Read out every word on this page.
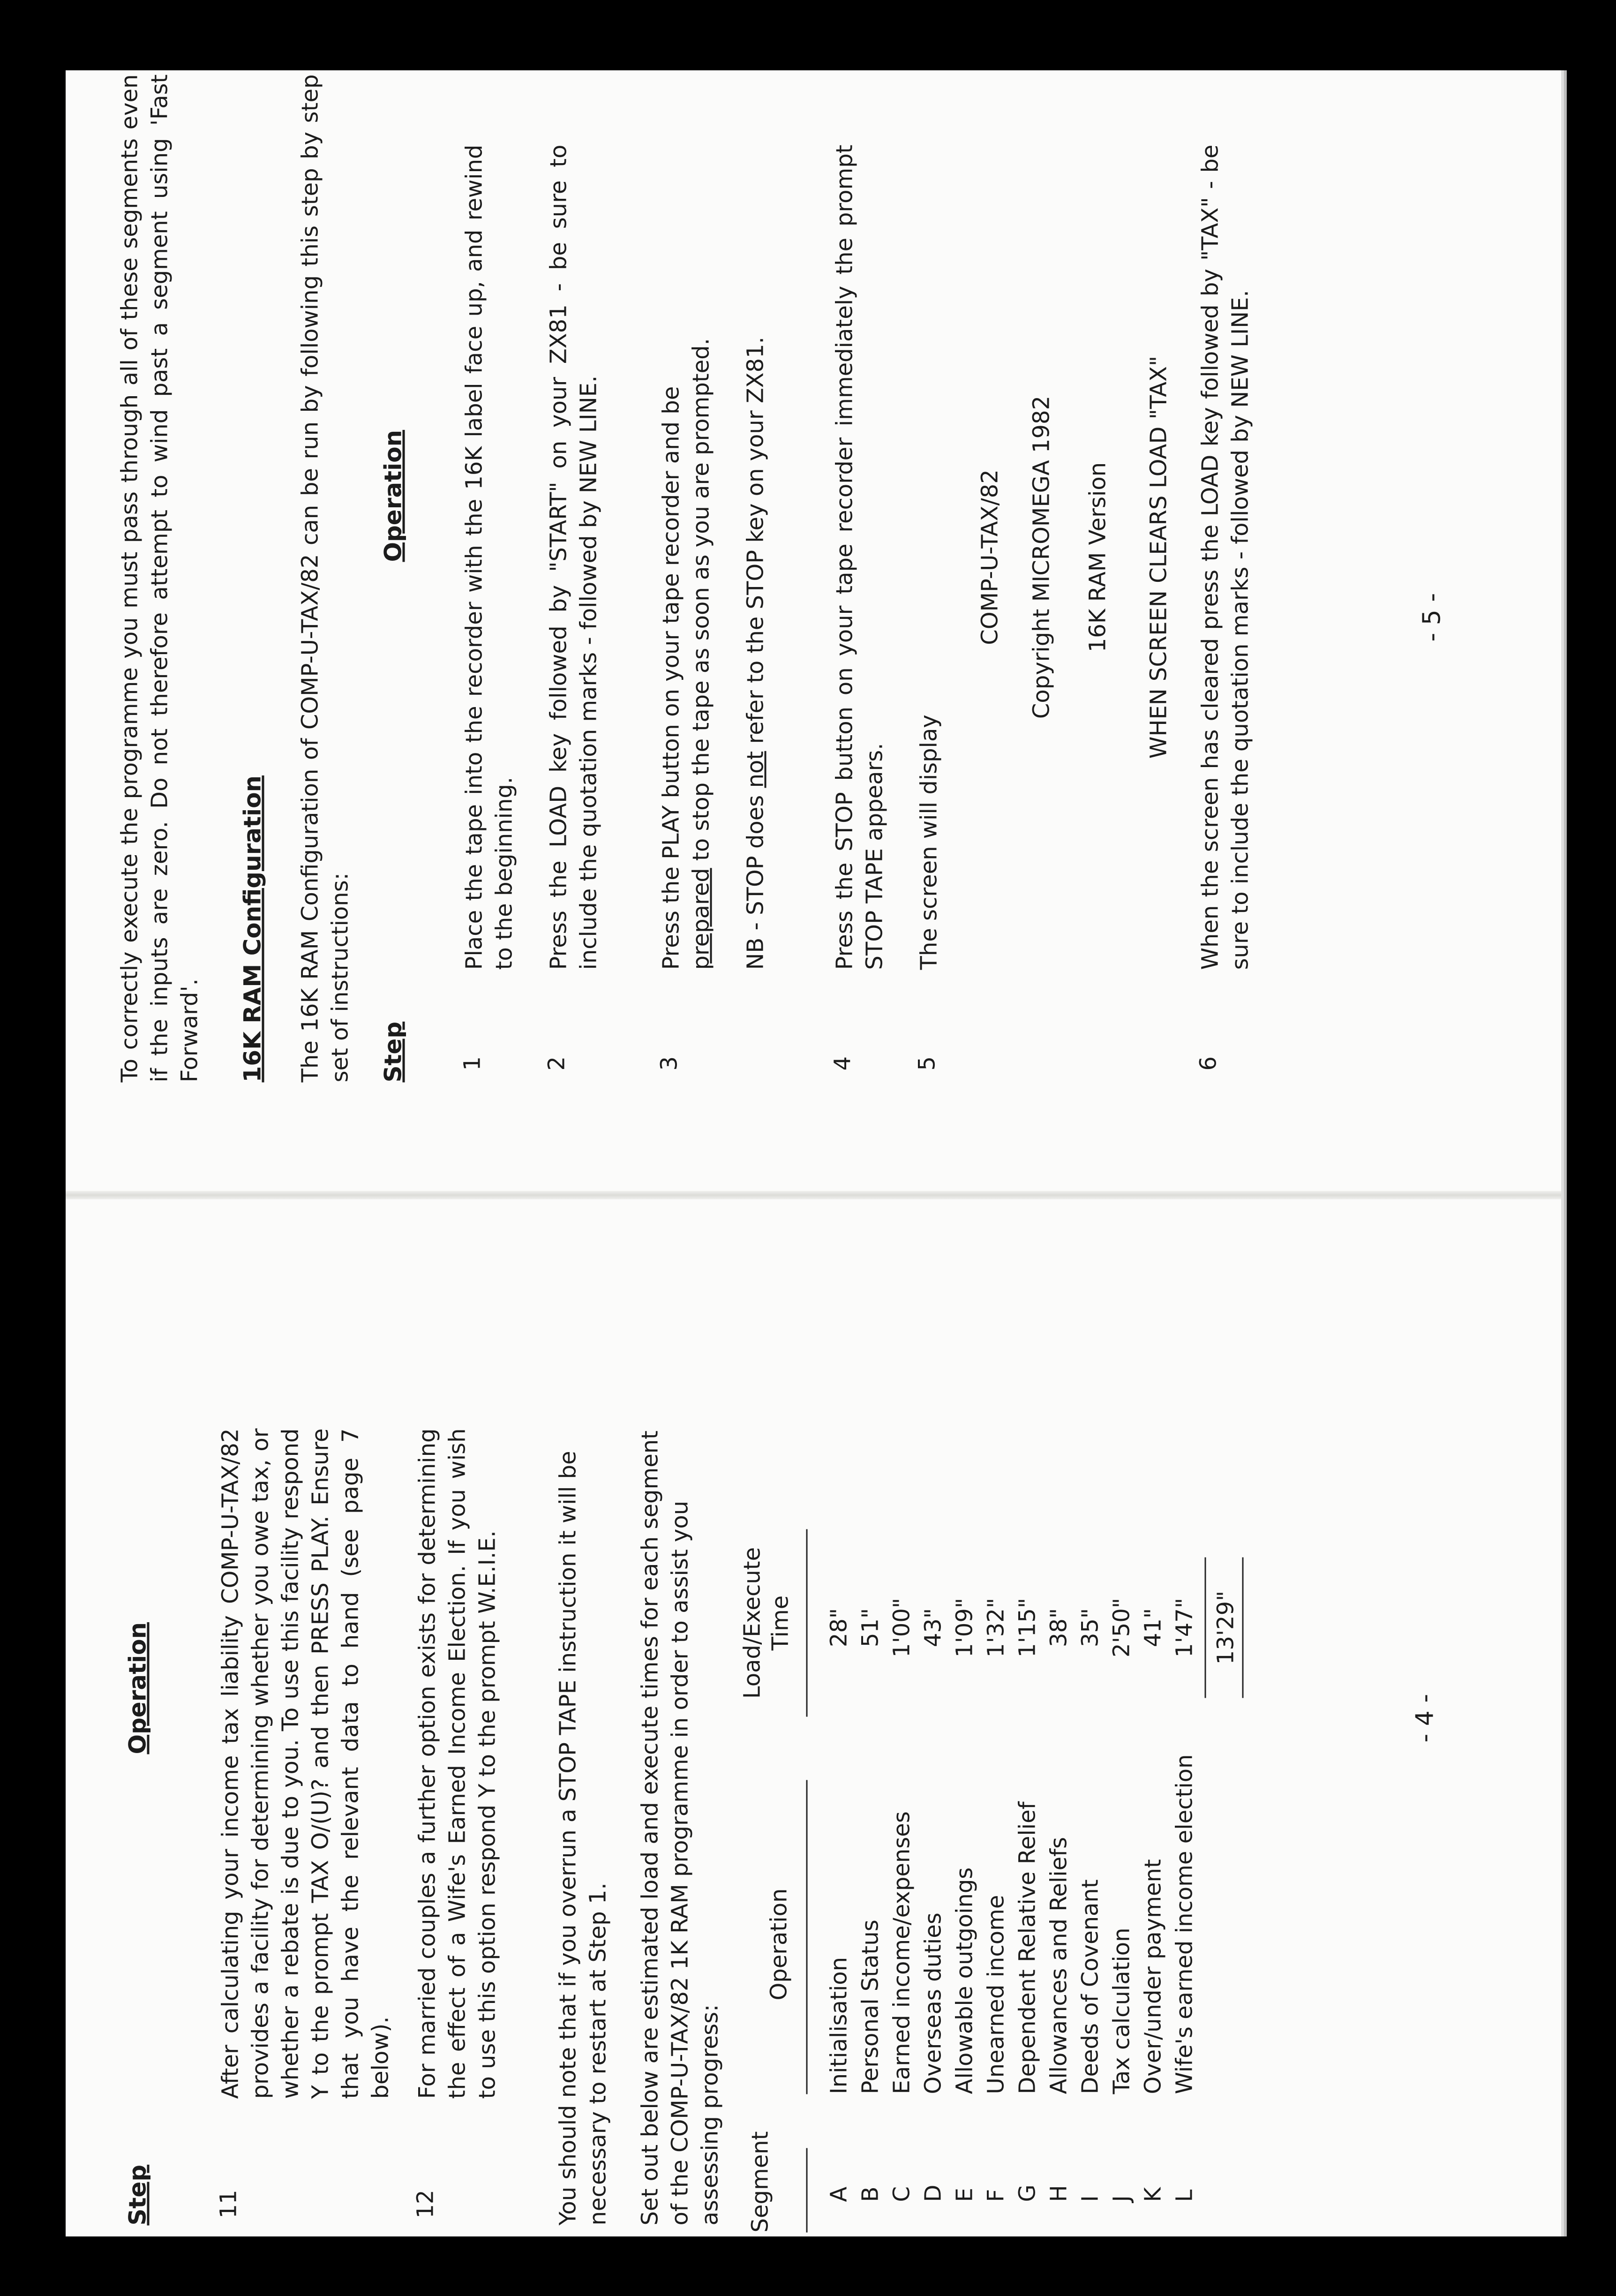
Step
Operation
11
After calculating your income tax liability COMP-U-TAX/82 provides a facility for determining whether you owe tax, or whether a rebate is due to you. To use this facility respond Y to the prompt TAX O/(U)? and then PRESS PLAY. Ensure that you have the relevant data to hand (see page 7 below).
12
For married couples a further option exists for determining the effect of a Wife's Earned Income Election. If you wish to use this option respond Y to the prompt W.E.I.E. You should note that if you overrun a STOP TAPE instruction it will be necessary to restart at Step 1. Set out below are estimated load and execute times for each segment of the COMP-U-TAX/82 1K RAM programme in order to assist you assessing progress: Segment
Operation
Load/Execute Time
A
Initialisation
28"
B
Personal Status
51"
C
Earned income/expenses
1'00"
D
Overseas duties
43"
E
Allowable outgoings
1'09"
F
Unearned income
1'32"
G
Dependent Relative Relief
1'15"
H
Allowances and Reliefs
38"
I
Deeds of Covenant
35"
J
Tax calculation
2'50"
K
Over/under payment
41"
L
Wife's earned income election
1'47" 13'29"
- 4 -
To correctly execute the programme you must pass through all of these segments even if the inputs are zero. Do not therefore attempt to wind past a segment using 'Fast Forward'. 16K RAM Configuration The 16K RAM Configuration of COMP-U-TAX/82 can be run by following this step by step set of instructions: Step
Operation
1
Place the tape into the recorder with the 16K label face up, and rewind to the beginning.
2
Press the LOAD key followed by "START" on your ZX81 - be sure to include the quotation marks - followed by NEW LINE.
3
Press the PLAY button on your tape recorder and be prepared to stop the tape as soon as you are prompted.
NB - STOP does not refer to the STOP key on your ZX81.
4
Press the STOP button on your tape recorder immediately the prompt STOP TAPE appears.
5
The screen will display
COMP-U-TAX/82 Copyright MICROMEGA 1982 16K RAM Version WHEN SCREEN CLEARS LOAD "TAX"
6
When the screen has cleared press the LOAD key followed by "TAX" - be sure to include the quotation marks - followed by NEW LINE.	- 5 -
